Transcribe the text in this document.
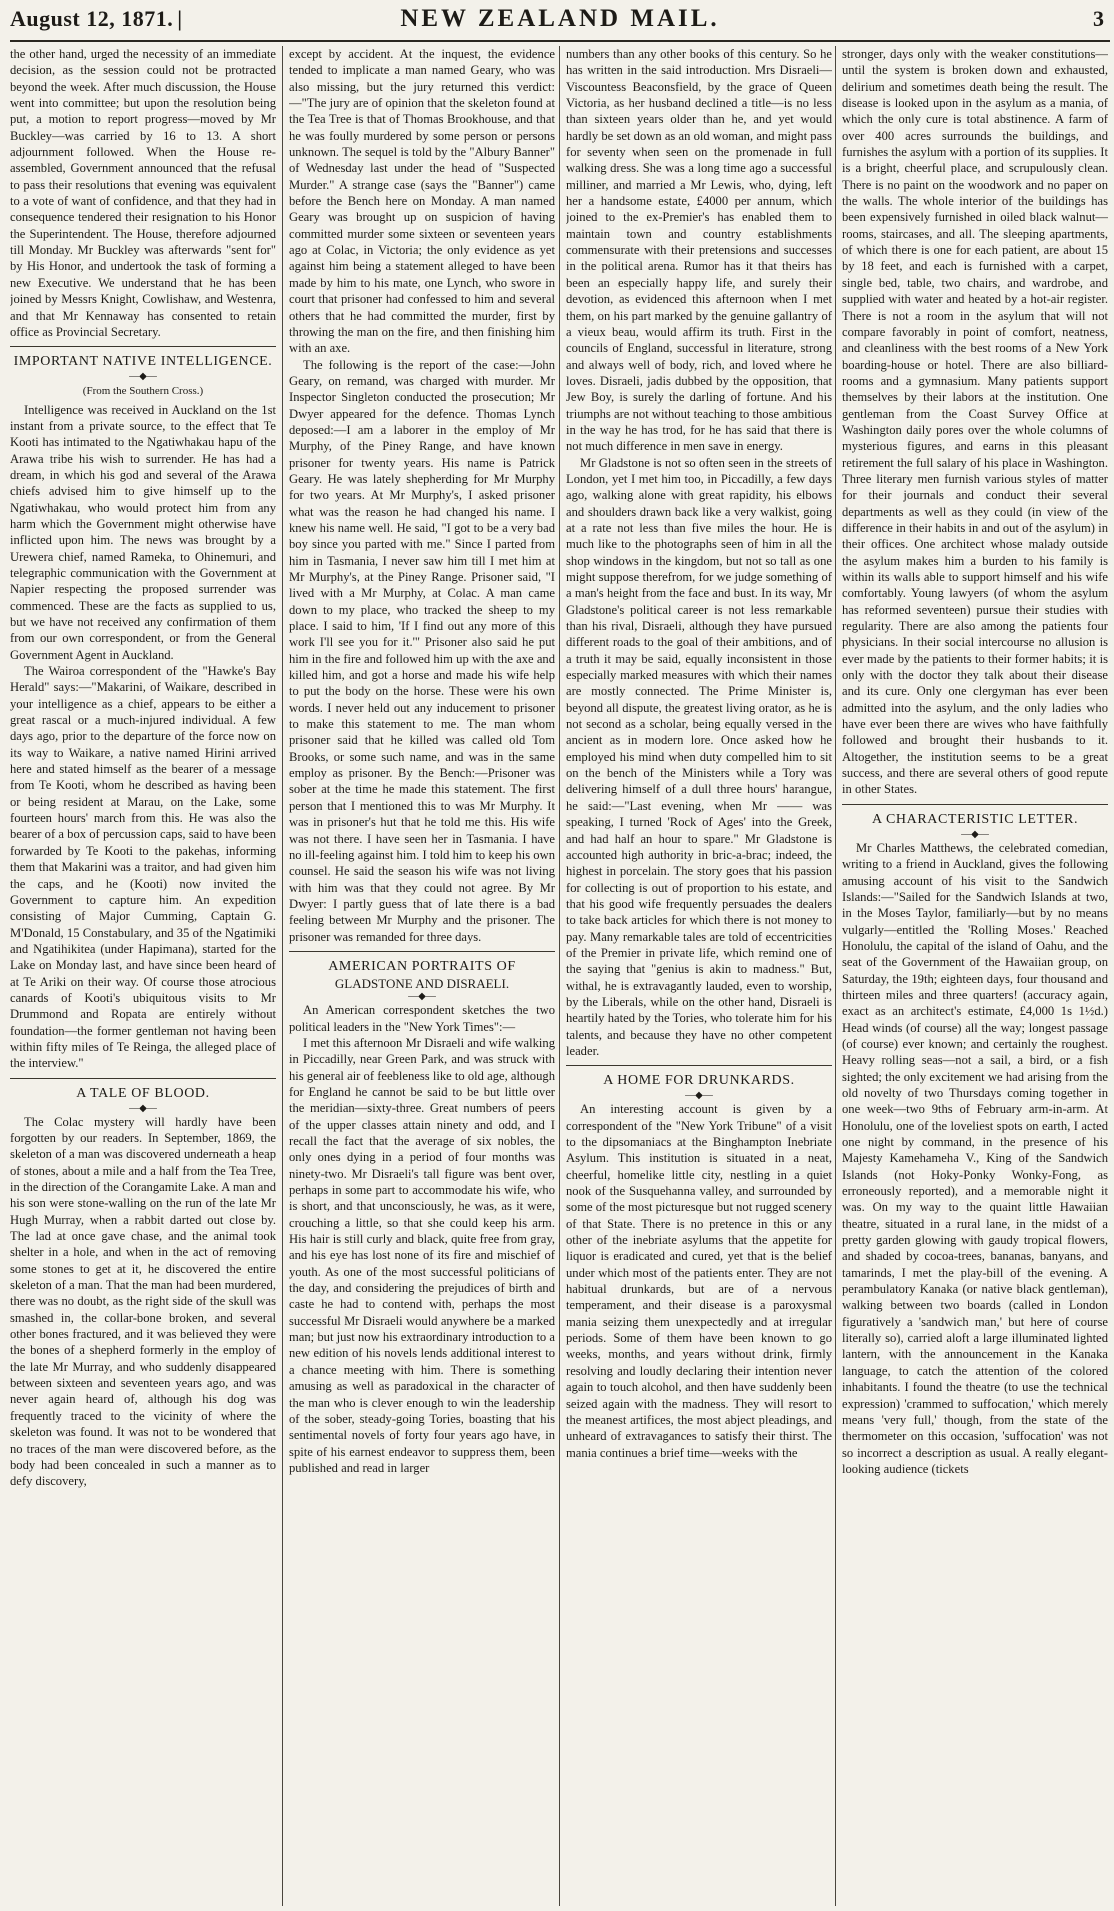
August 12, 1871. |	NEW ZEALAND MAIL.	3

the other hand, urged the necessity of an immediate decision, as the session could not be protracted beyond the week. After much discussion, the House went into committee; but upon the resolution being put, a motion to report progress—moved by Mr Buckley—was carried by 16 to 13. A short adjournment followed. When the House re-assembled, Government announced that the refusal to pass their resolutions that evening was equivalent to a vote of want of confidence, and that they had in consequence tendered their resignation to his Honor the Superintendent. The House, therefore adjourned till Monday. Mr Buckley was afterwards "sent for" by His Honor, and undertook the task of forming a new Executive. We understand that he has been joined by Messrs Knight, Cowlishaw, and Westenra, and that Mr Kennaway has consented to retain office as Provincial Secretary.

IMPORTANT NATIVE INTELLIGENCE.
—◆—
(From the Southern Cross.)

Intelligence was received in Auckland on the 1st instant from a private source, to the effect that Te Kooti has intimated to the Ngatiwhakau hapu of the Arawa tribe his wish to surrender. He has had a dream, in which his god and several of the Arawa chiefs advised him to give himself up to the Ngatiwhakau, who would protect him from any harm which the Government might otherwise have inflicted upon him. The news was brought by a Urewera chief, named Rameka, to Ohinemuri, and telegraphic communication with the Government at Napier respecting the proposed surrender was commenced. These are the facts as supplied to us, but we have not received any confirmation of them from our own correspondent, or from the General Government Agent in Auckland.

The Wairoa correspondent of the "Hawke's Bay Herald" says:—"Makarini, of Waikare, described in your intelligence as a chief, appears to be either a great rascal or a much-injured individual. A few days ago, prior to the departure of the force now on its way to Waikare, a native named Hirini arrived here and stated himself as the bearer of a message from Te Kooti, whom he described as having been or being resident at Marau, on the Lake, some fourteen hours' march from this. He was also the bearer of a box of percussion caps, said to have been forwarded by Te Kooti to the pakehas, informing them that Makarini was a traitor, and had given him the caps, and he (Kooti) now invited the Government to capture him. An expedition consisting of Major Cumming, Captain G. M'Donald, 15 Constabulary, and 35 of the Ngatimiki and Ngatihikitea (under Hapimana), started for the Lake on Monday last, and have since been heard of at Te Ariki on their way. Of course those atrocious canards of Kooti's ubiquitous visits to Mr Drummond and Ropata are entirely without foundation—the former gentleman not having been within fifty miles of Te Reinga, the alleged place of the interview."

A TALE OF BLOOD.
—◆—

The Colac mystery will hardly have been forgotten by our readers. In September, 1869, the skeleton of a man was discovered underneath a heap of stones, about a mile and a half from the Tea Tree, in the direction of the Corangamite Lake. A man and his son were stone-walling on the run of the late Mr Hugh Murray, when a rabbit darted out close by. The lad at once gave chase, and the animal took shelter in a hole, and when in the act of removing some stones to get at it, he discovered the entire skeleton of a man. That the man had been murdered, there was no doubt, as the right side of the skull was smashed in, the collar-bone broken, and several other bones fractured, and it was believed they were the bones of a shepherd formerly in the employ of the late Mr Murray, and who suddenly disappeared between sixteen and seventeen years ago, and was never again heard of, although his dog was frequently traced to the vicinity of where the skeleton was found. It was not to be wondered that no traces of the man were discovered before, as the body had been concealed in such a manner as to defy discovery,

except by accident. At the inquest, the evidence tended to implicate a man named Geary, who was also missing, but the jury returned this verdict:—"The jury are of opinion that the skeleton found at the Tea Tree is that of Thomas Brookhouse, and that he was foully murdered by some person or persons unknown. The sequel is told by the "Albury Banner" of Wednesday last under the head of "Suspected Murder." A strange case (says the "Banner") came before the Bench here on Monday. A man named Geary was brought up on suspicion of having committed murder some sixteen or seventeen years ago at Colac, in Victoria; the only evidence as yet against him being a statement alleged to have been made by him to his mate, one Lynch, who swore in court that prisoner had confessed to him and several others that he had committed the murder, first by throwing the man on the fire, and then finishing him with an axe.

The following is the report of the case:—John Geary, on remand, was charged with murder. Mr Inspector Singleton conducted the prosecution; Mr Dwyer appeared for the defence. Thomas Lynch deposed:—I am a laborer in the employ of Mr Murphy, of the Piney Range, and have known prisoner for twenty years. His name is Patrick Geary. He was lately shepherding for Mr Murphy for two years. At Mr Murphy's, I asked prisoner what was the reason he had changed his name. I knew his name well. He said, "I got to be a very bad boy since you parted with me." Since I parted from him in Tasmania, I never saw him till I met him at Mr Murphy's, at the Piney Range. Prisoner said, "I lived with a Mr Murphy, at Colac. A man came down to my place, who tracked the sheep to my place. I said to him, 'If I find out any more of this work I'll see you for it.'" Prisoner also said he put him in the fire and followed him up with the axe and killed him, and got a horse and made his wife help to put the body on the horse. These were his own words. I never held out any inducement to prisoner to make this statement to me. The man whom prisoner said that he killed was called old Tom Brooks, or some such name, and was in the same employ as prisoner. By the Bench:—Prisoner was sober at the time he made this statement. The first person that I mentioned this to was Mr Murphy. It was in prisoner's hut that he told me this. His wife was not there. I have seen her in Tasmania. I have no ill-feeling against him. I told him to keep his own counsel. He said the season his wife was not living with him was that they could not agree. By Mr Dwyer: I partly guess that of late there is a bad feeling between Mr Murphy and the prisoner. The prisoner was remanded for three days.

AMERICAN PORTRAITS OF
GLADSTONE AND DISRAELI.
—◆—

An American correspondent sketches the two political leaders in the "New York Times":—

I met this afternoon Mr Disraeli and wife walking in Piccadilly, near Green Park, and was struck with his general air of feebleness like to old age, although for England he cannot be said to be but little over the meridian—sixty-three. Great numbers of peers of the upper classes attain ninety and odd, and I recall the fact that the average of six nobles, the only ones dying in a period of four months was ninety-two. Mr Disraeli's tall figure was bent over, perhaps in some part to accommodate his wife, who is short, and that unconsciously, he was, as it were, crouching a little, so that she could keep his arm. His hair is still curly and black, quite free from gray, and his eye has lost none of its fire and mischief of youth. As one of the most successful politicians of the day, and considering the prejudices of birth and caste he had to contend with, perhaps the most successful Mr Disraeli would anywhere be a marked man; but just now his extraordinary introduction to a new edition of his novels lends additional interest to a chance meeting with him. There is something amusing as well as paradoxical in the character of the man who is clever enough to win the leadership of the sober, steady-going Tories, boasting that his sentimental novels of forty four years ago have, in spite of his earnest endeavor to suppress them, been published and read in larger

numbers than any other books of this century. So he has written in the said introduction. Mrs Disraeli—Viscountess Beaconsfield, by the grace of Queen Victoria, as her husband declined a title—is no less than sixteen years older than he, and yet would hardly be set down as an old woman, and might pass for seventy when seen on the promenade in full walking dress. She was a long time ago a successful milliner, and married a Mr Lewis, who, dying, left her a handsome estate, £4000 per annum, which joined to the ex-Premier's has enabled them to maintain town and country establishments commensurate with their pretensions and successes in the political arena. Rumor has it that theirs has been an especially happy life, and surely their devotion, as evidenced this afternoon when I met them, on his part marked by the genuine gallantry of a vieux beau, would affirm its truth. First in the councils of England, successful in literature, strong and always well of body, rich, and loved where he loves. Disraeli, jadis dubbed by the opposition, that Jew Boy, is surely the darling of fortune. And his triumphs are not without teaching to those ambitious in the way he has trod, for he has said that there is not much difference in men save in energy.

Mr Gladstone is not so often seen in the streets of London, yet I met him too, in Piccadilly, a few days ago, walking alone with great rapidity, his elbows and shoulders drawn back like a very walkist, going at a rate not less than five miles the hour. He is much like to the photographs seen of him in all the shop windows in the kingdom, but not so tall as one might suppose therefrom, for we judge something of a man's height from the face and bust. In its way, Mr Gladstone's political career is not less remarkable than his rival, Disraeli, although they have pursued different roads to the goal of their ambitions, and of a truth it may be said, equally inconsistent in those especially marked measures with which their names are mostly connected. The Prime Minister is, beyond all dispute, the greatest living orator, as he is not second as a scholar, being equally versed in the ancient as in modern lore. Once asked how he employed his mind when duty compelled him to sit on the bench of the Ministers while a Tory was delivering himself of a dull three hours' harangue, he said:—"Last evening, when Mr —— was speaking, I turned 'Rock of Ages' into the Greek, and had half an hour to spare." Mr Gladstone is accounted high authority in bric-a-brac; indeed, the highest in porcelain. The story goes that his passion for collecting is out of proportion to his estate, and that his good wife frequently persuades the dealers to take back articles for which there is not money to pay. Many remarkable tales are told of eccentricities of the Premier in private life, which remind one of the saying that "genius is akin to madness." But, withal, he is extravagantly lauded, even to worship, by the Liberals, while on the other hand, Disraeli is heartily hated by the Tories, who tolerate him for his talents, and because they have no other competent leader.

A HOME FOR DRUNKARDS.
—◆—

An interesting account is given by a correspondent of the "New York Tribune" of a visit to the dipsomaniacs at the Binghampton Inebriate Asylum. This institution is situated in a neat, cheerful, homelike little city, nestling in a quiet nook of the Susquehanna valley, and surrounded by some of the most picturesque but not rugged scenery of that State. There is no pretence in this or any other of the inebriate asylums that the appetite for liquor is eradicated and cured, yet that is the belief under which most of the patients enter. They are not habitual drunkards, but are of a nervous temperament, and their disease is a paroxysmal mania seizing them unexpectedly and at irregular periods. Some of them have been known to go weeks, months, and years without drink, firmly resolving and loudly declaring their intention never again to touch alcohol, and then have suddenly been seized again with the madness. They will resort to the meanest artifices, the most abject pleadings, and unheard of extravagances to satisfy their thirst. The mania continues a brief time—weeks with the

stronger, days only with the weaker constitutions—until the system is broken down and exhausted, delirium and sometimes death being the result. The disease is looked upon in the asylum as a mania, of which the only cure is total abstinence. A farm of over 400 acres surrounds the buildings, and furnishes the asylum with a portion of its supplies. It is a bright, cheerful place, and scrupulously clean. There is no paint on the woodwork and no paper on the walls. The whole interior of the buildings has been expensively furnished in oiled black walnut—rooms, staircases, and all. The sleeping apartments, of which there is one for each patient, are about 15 by 18 feet, and each is furnished with a carpet, single bed, table, two chairs, and wardrobe, and supplied with water and heated by a hot-air register. There is not a room in the asylum that will not compare favorably in point of comfort, neatness, and cleanliness with the best rooms of a New York boarding-house or hotel. There are also billiard-rooms and a gymnasium. Many patients support themselves by their labors at the institution. One gentleman from the Coast Survey Office at Washington daily pores over the whole columns of mysterious figures, and earns in this pleasant retirement the full salary of his place in Washington. Three literary men furnish various styles of matter for their journals and conduct their several departments as well as they could (in view of the difference in their habits in and out of the asylum) in their offices. One architect whose malady outside the asylum makes him a burden to his family is within its walls able to support himself and his wife comfortably. Young lawyers (of whom the asylum has reformed seventeen) pursue their studies with regularity. There are also among the patients four physicians. In their social intercourse no allusion is ever made by the patients to their former habits; it is only with the doctor they talk about their disease and its cure. Only one clergyman has ever been admitted into the asylum, and the only ladies who have ever been there are wives who have faithfully followed and brought their husbands to it. Altogether, the institution seems to be a great success, and there are several others of good repute in other States.

A CHARACTERISTIC LETTER.
—◆—

Mr Charles Matthews, the celebrated comedian, writing to a friend in Auckland, gives the following amusing account of his visit to the Sandwich Islands:—"Sailed for the Sandwich Islands at two, in the Moses Taylor, familiarly—but by no means vulgarly—entitled the 'Rolling Moses.' Reached Honolulu, the capital of the island of Oahu, and the seat of the Government of the Hawaiian group, on Saturday, the 19th; eighteen days, four thousand and thirteen miles and three quarters! (accuracy again, exact as an architect's estimate, £4,000 1s 1½d.) Head winds (of course) all the way; longest passage (of course) ever known; and certainly the roughest. Heavy rolling seas—not a sail, a bird, or a fish sighted; the only excitement we had arising from the old novelty of two Thursdays coming together in one week—two 9ths of February arm-in-arm. At Honolulu, one of the loveliest spots on earth, I acted one night by command, in the presence of his Majesty Kamehameha V., King of the Sandwich Islands (not Hoky-Ponky Wonky-Fong, as erroneously reported), and a memorable night it was. On my way to the quaint little Hawaiian theatre, situated in a rural lane, in the midst of a pretty garden glowing with gaudy tropical flowers, and shaded by cocoa-trees, bananas, banyans, and tamarinds, I met the play-bill of the evening. A perambulatory Kanaka (or native black gentleman), walking between two boards (called in London figuratively a 'sandwich man,' but here of course literally so), carried aloft a large illuminated lighted lantern, with the announcement in the Kanaka language, to catch the attention of the colored inhabitants. I found the theatre (to use the technical expression) 'crammed to suffocation,' which merely means 'very full,' though, from the state of the thermometer on this occasion, 'suffocation' was not so incorrect a description as usual. A really elegant-looking audience (tickets
